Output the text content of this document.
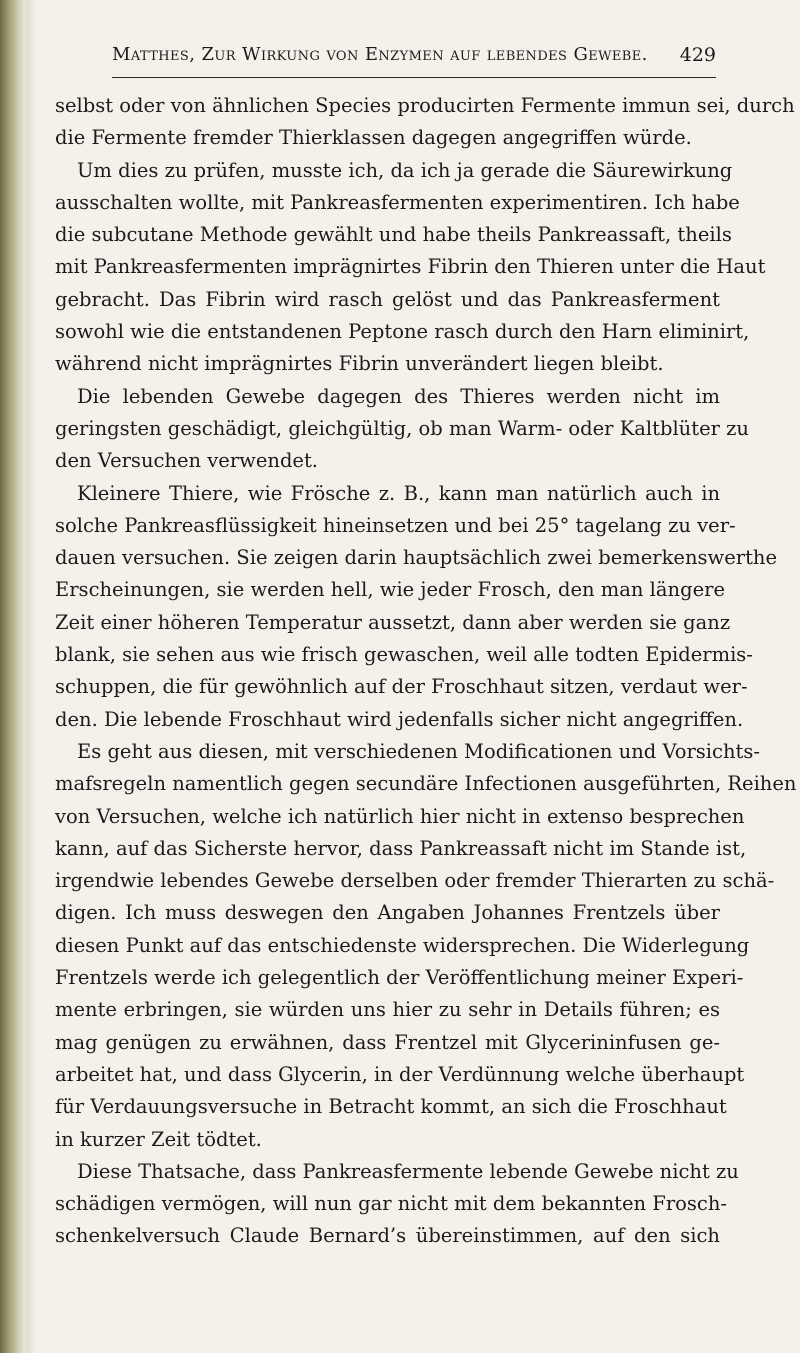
Matthes, Zur Wirkung von Enzymen auf lebendes Gewebe. 429

selbst oder von ähnlichen Species producirten Fermente immun sei, durch
die Fermente fremder Thierklassen dagegen angegriffen würde.

Um dies zu prüfen, musste ich, da ich ja gerade die Säurewirkung
ausschalten wollte, mit Pankreasfermenten experimentiren. Ich habe
die subcutane Methode gewählt und habe theils Pankreassaft, theils
mit Pankreasfermenten imprägnirtes Fibrin den Thieren unter die Haut
gebracht. Das Fibrin wird rasch gelöst und das Pankreasferment
sowohl wie die entstandenen Peptone rasch durch den Harn eliminirt,
während nicht imprägnirtes Fibrin unverändert liegen bleibt.

Die lebenden Gewebe dagegen des Thieres werden nicht im
geringsten geschädigt, gleichgültig, ob man Warm- oder Kaltblüter zu
den Versuchen verwendet.

Kleinere Thiere, wie Frösche z. B., kann man natürlich auch in
solche Pankreasflüssigkeit hineinsetzen und bei 25° tagelang zu ver-
dauen versuchen. Sie zeigen darin hauptsächlich zwei bemerkenswerthe
Erscheinungen, sie werden hell, wie jeder Frosch, den man längere
Zeit einer höheren Temperatur aussetzt, dann aber werden sie ganz
blank, sie sehen aus wie frisch gewaschen, weil alle todten Epidermis-
schuppen, die für gewöhnlich auf der Froschhaut sitzen, verdaut wer-
den. Die lebende Froschhaut wird jedenfalls sicher nicht angegriffen.

Es geht aus diesen, mit verschiedenen Modificationen und Vorsichts-
mafsregeln namentlich gegen secundäre Infectionen ausgeführten, Reihen
von Versuchen, welche ich natürlich hier nicht in extenso besprechen
kann, auf das Sicherste hervor, dass Pankreassaft nicht im Stande ist,
irgendwie lebendes Gewebe derselben oder fremder Thierarten zu schä-
digen. Ich muss deswegen den Angaben Johannes Frentzels über
diesen Punkt auf das entschiedenste widersprechen. Die Widerlegung
Frentzels werde ich gelegentlich der Veröffentlichung meiner Experi-
mente erbringen, sie würden uns hier zu sehr in Details führen; es
mag genügen zu erwähnen, dass Frentzel mit Glycerininfusen ge-
arbeitet hat, und dass Glycerin, in der Verdünnung welche überhaupt
für Verdauungsversuche in Betracht kommt, an sich die Froschhaut
in kurzer Zeit tödtet.

Diese Thatsache, dass Pankreasfermente lebende Gewebe nicht zu
schädigen vermögen, will nun gar nicht mit dem bekannten Frosch-
schenkelversuch Claude Bernard’s übereinstimmen, auf den sich
